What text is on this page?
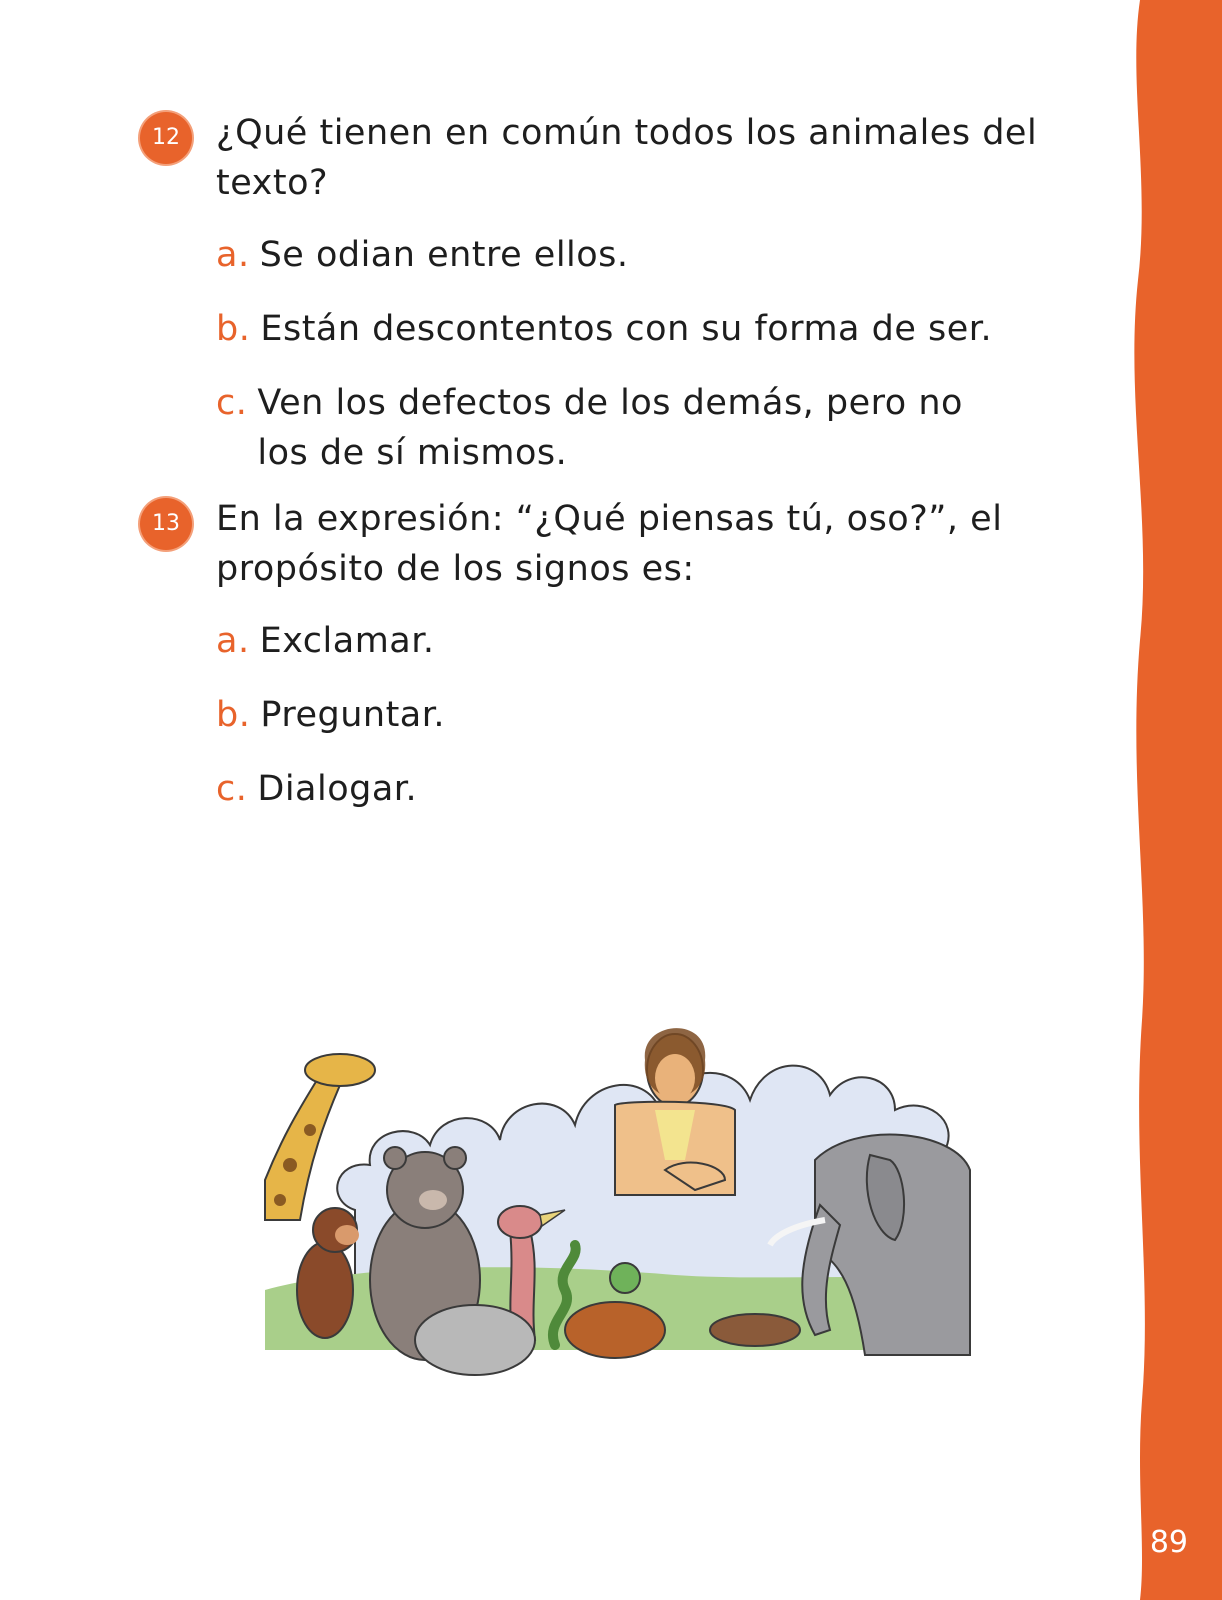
89
12	¿Qué tienen en común todos los animales del texto?
a. Se odian entre ellos.
b. Están descontentos con su forma de ser.
c. Ven los defectos de los demás, pero no los de sí mismos.
13	En la expresión: “¿Qué piensas tú, oso?”, el propósito de los signos es:
a. Exclamar.
b. Preguntar.
c. Dialogar.
